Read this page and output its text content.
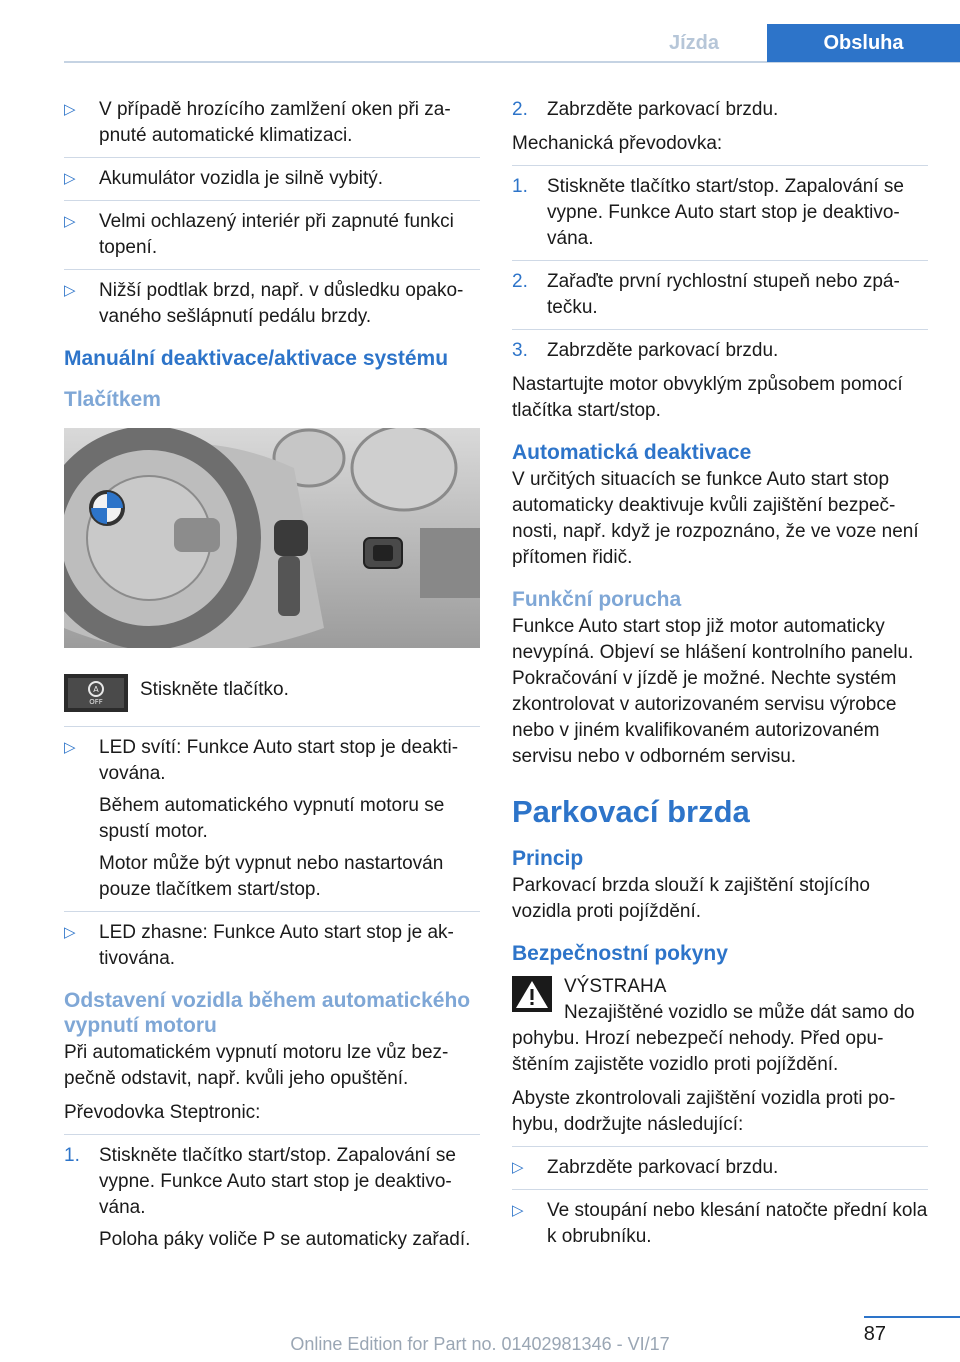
Jízda	Obsluha
▷ V případě hrozícího zamlžení oken při zapnuté automatické klimatizaci.
▷ Akumulátor vozidla je silně vybitý.
▷ Velmi ochlazený interiér při zapnuté funkci topení.
▷ Nižší podtlak brzd, např. v důsledku opakovaného sešlápnutí pedálu brzdy.
Manuální deaktivace/aktivace systému
Tlačítkem
A
OFF
Stiskněte tlačítko.
▷ LED svítí: Funkce Auto start stop je deaktivována.
Během automatického vypnutí motoru se spustí motor.
Motor může být vypnut nebo nastartován pouze tlačítkem start/stop.
▷ LED zhasne: Funkce Auto start stop je aktivována.
Odstavení vozidla během automatického vypnutí motoru

Při automatickém vypnutí motoru lze vůz bezpečně odstavit, např. kvůli jeho opuštění.

Převodovka Steptronic:

1. Stiskněte tlačítko start/stop. Zapalování se vypne. Funkce Auto start stop je deaktivována.
Poloha páky voliče P se automaticky zařadí.
2. Zabrzděte parkovací brzdu.

Mechanická převodovka:

1. Stiskněte tlačítko start/stop. Zapalování se vypne. Funkce Auto start stop je deaktivována.
2. Zařaďte první rychlostní stupeň nebo zpátečku.
3. Zabrzděte parkovací brzdu.

Nastartujte motor obvyklým způsobem pomocí tlačítka start/stop.

Automatická deaktivace

V určitých situacích se funkce Auto start stop automaticky deaktivuje kvůli zajištění bezpečnosti, např. když je rozpoznáno, že ve voze není přítomen řidič.

Funkční porucha

Funkce Auto start stop již motor automaticky nevypíná. Objeví se hlášení kontrolního panelu. Pokračování v jízdě je možné. Nechte systém zkontrolovat v autorizovaném servisu výrobce nebo v jiném kvalifikovaném autorizovaném servisu nebo v odborném servisu.

Parkovací brzda
Princip

Parkovací brzda slouží k zajištění stojícího vozidla proti pojíždění.

Bezpečnostní pokyny
VÝSTRAHA
Nezajištěné vozidlo se může dát samo do pohybu. Hrozí nebezpečí nehody. Před opuštěním zajistěte vozidlo proti pojíždění.

Abyste zkontrolovali zajištění vozidla proti pohybu, dodržujte následující:

▷ Zabrzděte parkovací brzdu.
▷ Ve stoupání nebo klesání natočte přední kola k obrubníku.
87
Online Edition for Part no. 01402981346 - VI/17
